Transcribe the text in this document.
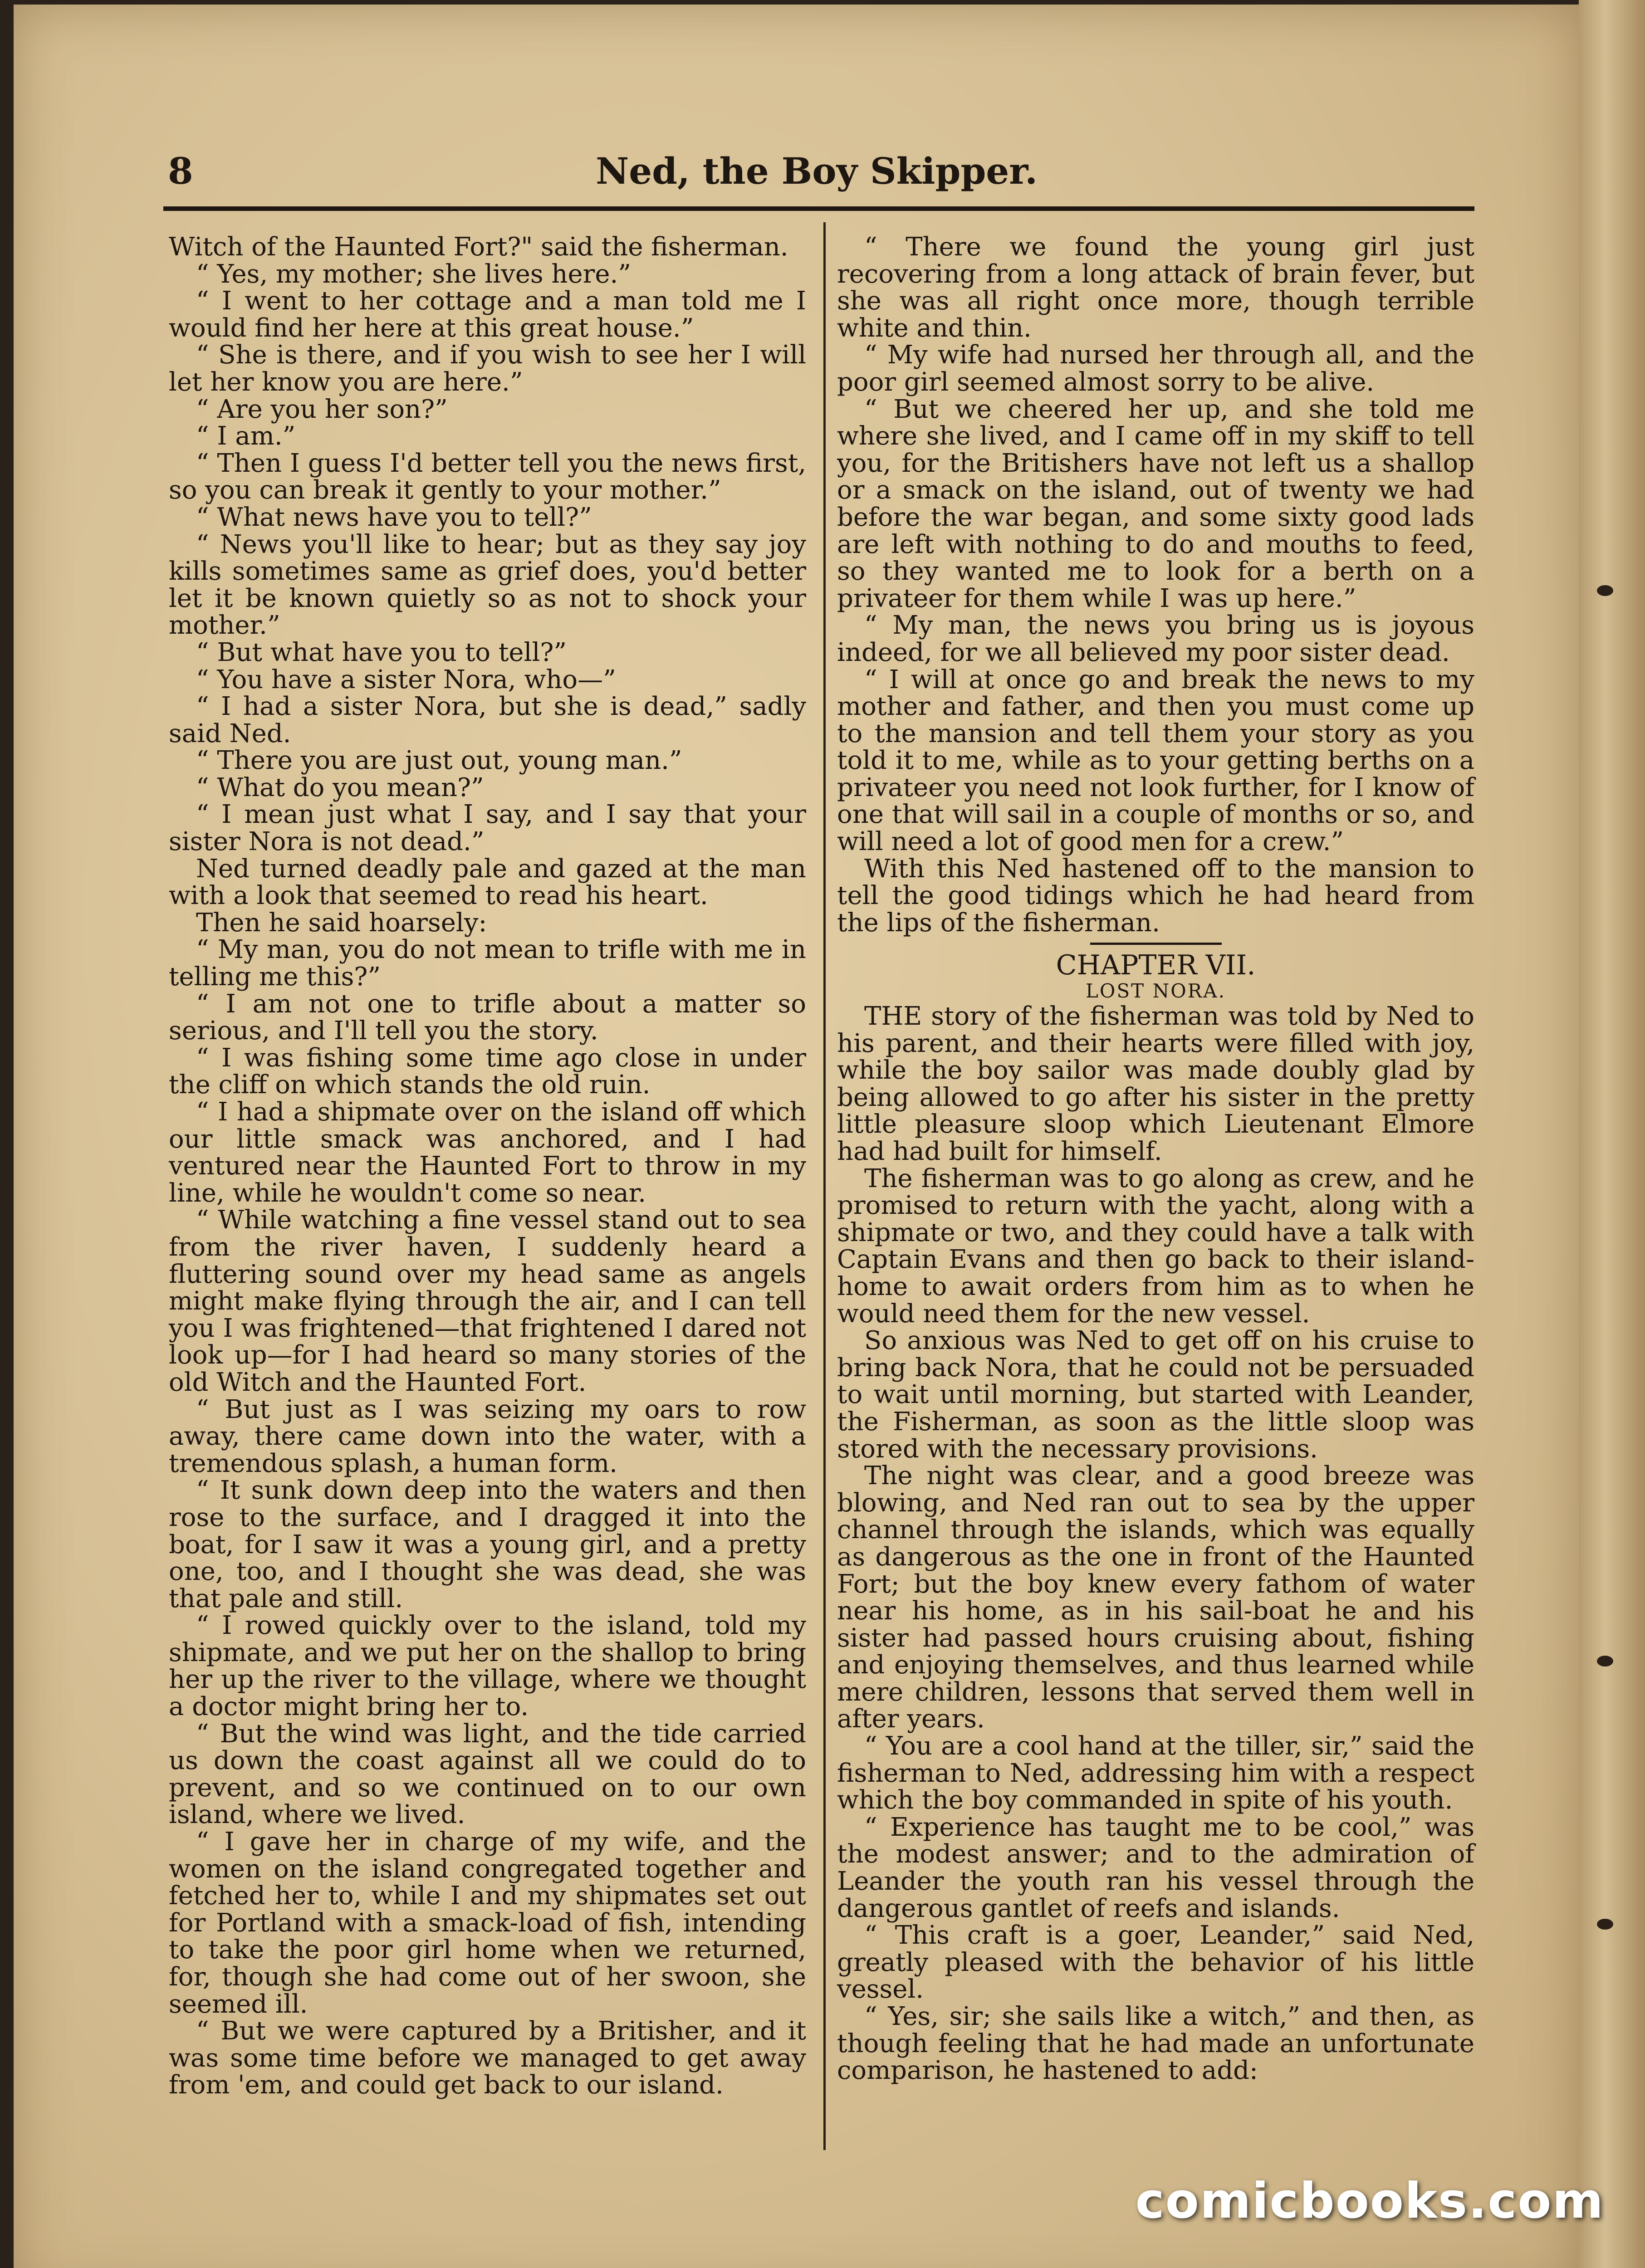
8	Ned, the Boy Skipper.

Witch of the Haunted Fort?" said the fisherman.

“ Yes, my mother; she lives here.”

“ I went to her cottage and a man told me I would find her here at this great house.”

“ She is there, and if you wish to see her I will let her know you are here.”

“ Are you her son?”

“ I am.”

“ Then I guess I'd better tell you the news first, so you can break it gently to your mother.”

“ What news have you to tell?”

“ News you'll like to hear; but as they say joy kills sometimes same as grief does, you'd better let it be known quietly so as not to shock your mother.”

“ But what have you to tell?”

“ You have a sister Nora, who—”

“ I had a sister Nora, but she is dead,” sadly said Ned.

“ There you are just out, young man.”

“ What do you mean?”

“ I mean just what I say, and I say that your sister Nora is not dead.”

Ned turned deadly pale and gazed at the man with a look that seemed to read his heart.

Then he said hoarsely:

“ My man, you do not mean to trifle with me in telling me this?”

“ I am not one to trifle about a matter so serious, and I'll tell you the story.

“ I was fishing some time ago close in under the cliff on which stands the old ruin.

“ I had a shipmate over on the island off which our little smack was anchored, and I had ventured near the Haunted Fort to throw in my line, while he wouldn't come so near.

“ While watching a fine vessel stand out to sea from the river haven, I suddenly heard a fluttering sound over my head same as angels might make flying through the air, and I can tell you I was frightened—that frightened I dared not look up—for I had heard so many stories of the old Witch and the Haunted Fort.

“ But just as I was seizing my oars to row away, there came down into the water, with a tremendous splash, a human form.

“ It sunk down deep into the waters and then rose to the surface, and I dragged it into the boat, for I saw it was a young girl, and a pretty one, too, and I thought she was dead, she was that pale and still.

“ I rowed quickly over to the island, told my shipmate, and we put her on the shallop to bring her up the river to the village, where we thought a doctor might bring her to.

“ But the wind was light, and the tide carried us down the coast against all we could do to prevent, and so we continued on to our own island, where we lived.

“ I gave her in charge of my wife, and the women on the island congregated together and fetched her to, while I and my shipmates set out for Portland with a smack-load of fish, intending to take the poor girl home when we returned, for, though she had come out of her swoon, she seemed ill.

“ But we were captured by a Britisher, and it was some time before we managed to get away from 'em, and could get back to our island.

“ There we found the young girl just recovering from a long attack of brain fever, but she was all right once more, though terrible white and thin.

“ My wife had nursed her through all, and the poor girl seemed almost sorry to be alive.

“ But we cheered her up, and she told me where she lived, and I came off in my skiff to tell you, for the Britishers have not left us a shallop or a smack on the island, out of twenty we had before the war began, and some sixty good lads are left with nothing to do and mouths to feed, so they wanted me to look for a berth on a privateer for them while I was up here.”

“ My man, the news you bring us is joyous indeed, for we all believed my poor sister dead.

“ I will at once go and break the news to my mother and father, and then you must come up to the mansion and tell them your story as you told it to me, while as to your getting berths on a privateer you need not look further, for I know of one that will sail in a couple of months or so, and will need a lot of good men for a crew.”

With this Ned hastened off to the mansion to tell the good tidings which he had heard from the lips of the fisherman.

CHAPTER VII.

LOST NORA.

THE story of the fisherman was told by Ned to his parent, and their hearts were filled with joy, while the boy sailor was made doubly glad by being allowed to go after his sister in the pretty little pleasure sloop which Lieutenant Elmore had had built for himself.

The fisherman was to go along as crew, and he promised to return with the yacht, along with a shipmate or two, and they could have a talk with Captain Evans and then go back to their island-home to await orders from him as to when he would need them for the new vessel.

So anxious was Ned to get off on his cruise to bring back Nora, that he could not be persuaded to wait until morning, but started with Leander, the Fisherman, as soon as the little sloop was stored with the necessary provisions.

The night was clear, and a good breeze was blowing, and Ned ran out to sea by the upper channel through the islands, which was equally as dangerous as the one in front of the Haunted Fort; but the boy knew every fathom of water near his home, as in his sail-boat he and his sister had passed hours cruising about, fishing and enjoying themselves, and thus learned while mere children, lessons that served them well in after years.

“ You are a cool hand at the tiller, sir,” said the fisherman to Ned, addressing him with a respect which the boy commanded in spite of his youth.

“ Experience has taught me to be cool,” was the modest answer; and to the admiration of Leander the youth ran his vessel through the dangerous gantlet of reefs and islands.

“ This craft is a goer, Leander,” said Ned, greatly pleased with the behavior of his little vessel.

“ Yes, sir; she sails like a witch,” and then, as though feeling that he had made an unfortunate comparison, he hastened to add:

comicbooks.com
